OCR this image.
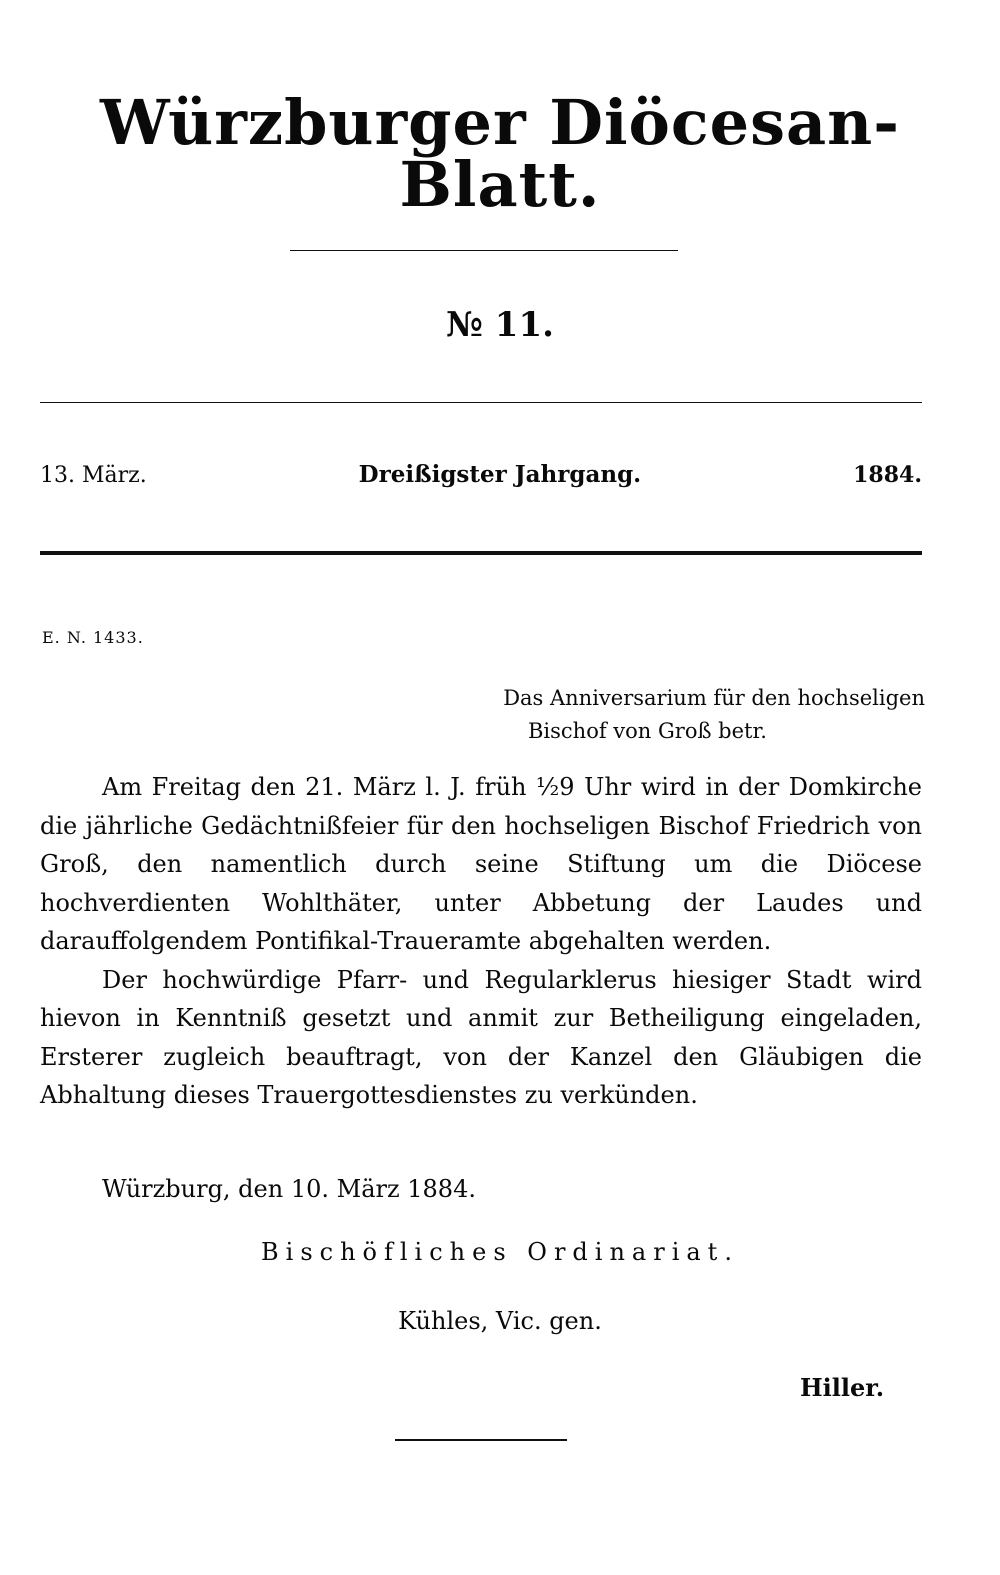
Würzburger Diöcesan-Blatt.
№ 11.
13. März.	Dreißigster Jahrgang.	1884.
E. N. 1433.
Das Anniversarium für den hochseligen
Bischof von Groß betr.

Am Freitag den 21. März l. J. früh ½9 Uhr wird in der Domkirche die jährliche Gedächtnißfeier für den hochseligen Bischof Friedrich von Groß, den namentlich durch seine Stiftung um die Diöcese hochverdienten Wohlthäter, unter Abbetung der Laudes und darauffolgendem Pontifikal-Traueramte abgehalten werden.

Der hochwürdige Pfarr- und Regularklerus hiesiger Stadt wird hievon in Kenntniß gesetzt und anmit zur Betheiligung eingeladen, Ersterer zugleich beauftragt, von der Kanzel den Gläubigen die Abhaltung dieses Trauergottesdienstes zu verkünden.

Würzburg, den 10. März 1884.
Bischöfliches Ordinariat.
Kühles, Vic. gen.
Hiller.
